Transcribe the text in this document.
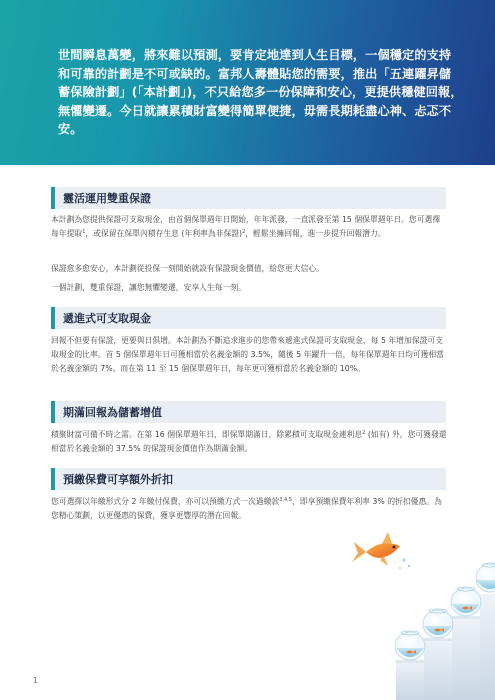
世間瞬息萬變，將來難以預測，要肯定地達到人生目標，一個穩定的支持和可靠的計劃是不可或缺的。富邦人壽體貼您的需要，推出「五連躍昇儲蓄保險計劃」(「本計劃」)，不只給您多一份保障和安心，更提供穩健回報，無懼變遷。今日就讓累積財富變得簡單便捷，毋需長期耗盡心神、忐忑不安。
靈活運用雙重保證
本計劃為您提供保證可支取現金，由首個保單週年日開始，年年派發，一直派發至第 15 個保單週年日。您可選擇每年提取$^1$，或保留在保單內積存生息 (年利率為非保證)$^2$，輕鬆坐擁回報，進一步提升回報潛力。
保證愈多愈安心，本計劃從投保一刻開始就設有保證現金價值，給您更大信心。
一個計劃，雙重保證，讓您無懼變遷，安享人生每一刻。
遞進式可支取現金
回報不但要有保證，更要與日俱增。本計劃為不斷追求進步的您帶來遞進式保證可支取現金，每 5 年增加保證可支取現金的比率。首 5 個保單週年日可獲相當於名義金額的 3.5%，隨後 5 年躍升一倍，每年保單週年日均可獲相當於名義金額的 7%。而在第 11 至 15 個保單週年日，每年更可獲相當於名義金額的 10%。
期滿回報為儲蓄增值
積聚財富可備不時之需。在第 16 個保單週年日，即保單期滿日，除累積可支取現金連利息$^2$ (如有) 外，您可獲發還相當於名義金額的 37.5% 的保證現金價值作為期滿金額。
預繳保費可享額外折扣
您可選擇以年繳形式分 2 年繳付保費，亦可以預繳方式一次過繳款$^{3,4,5}$，即享預繳保費年利率 3% 的折扣優惠。為您精心策劃，以更優惠的保費，獲享更豐厚的潛在回報。
1
